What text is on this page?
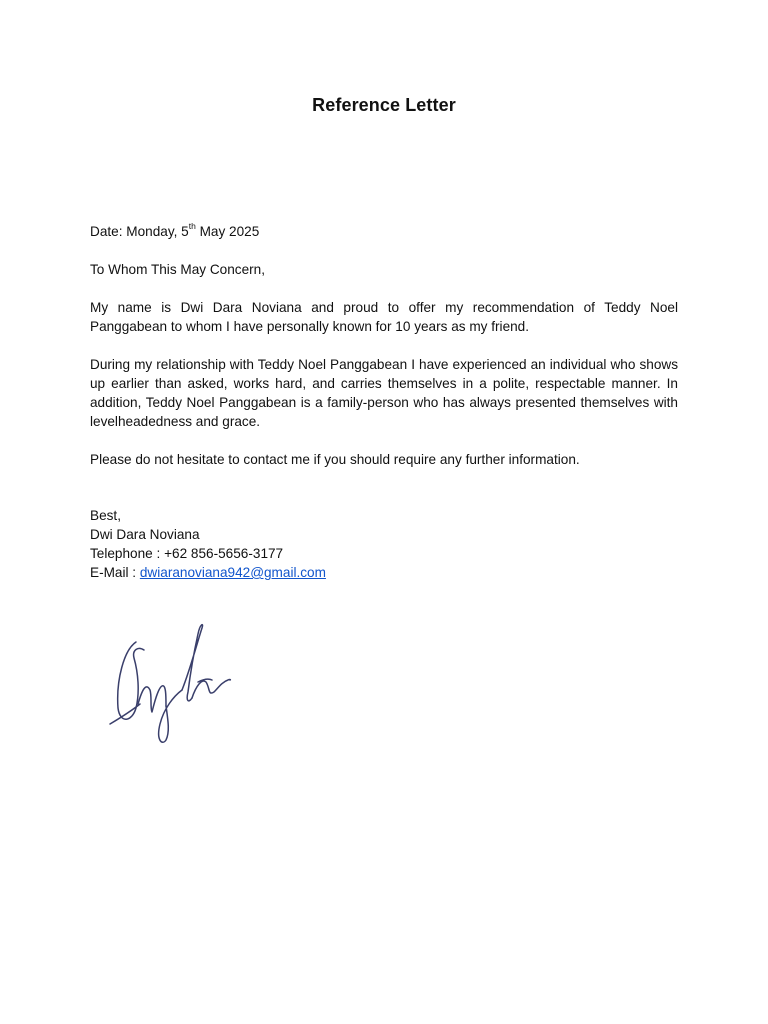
Reference Letter

Date: Monday, 5th May 2025

To Whom This May Concern,

My name is Dwi Dara Noviana and proud to offer my recommendation of Teddy Noel Panggabean to whom I have personally known for 10 years as my friend.

During my relationship with Teddy Noel Panggabean I have experienced an individual who shows up earlier than asked, works hard, and carries themselves in a polite, respectable manner. In addition, Teddy Noel Panggabean is a family-person who has always presented themselves with levelheadedness and grace.

Please do not hesitate to contact me if you should require any further information.

Best,
Dwi Dara Noviana
Telephone : +62 856-5656-3177
E-Mail : dwiaranoviana942@gmail.com
